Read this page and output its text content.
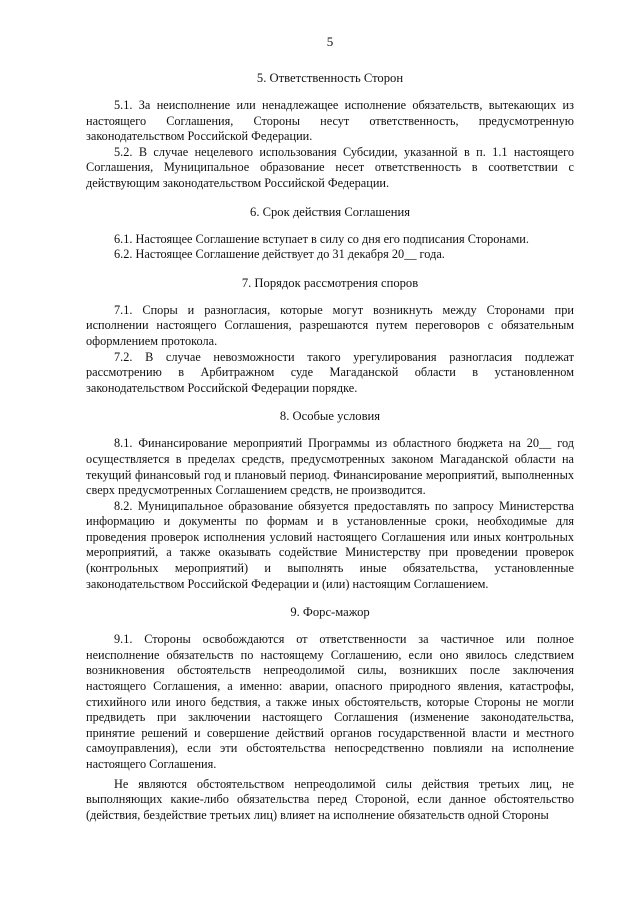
5
5. Ответственность Сторон

5.1. За неисполнение или ненадлежащее исполнение обязательств, вытекающих из настоящего Соглашения, Стороны несут ответственность, предусмотренную законодательством Российской Федерации.

5.2. В случае нецелевого использования Субсидии, указанной в п. 1.1 настоящего Соглашения, Муниципальное образование несет ответственность в соответствии с действующим законодательством Российской Федерации.

6. Срок действия Соглашения

6.1. Настоящее Соглашение вступает в силу со дня его подписания Сторонами.

6.2. Настоящее Соглашение действует до 31 декабря 20__ года.

7. Порядок рассмотрения споров

7.1. Споры и разногласия, которые могут возникнуть между Сторонами при исполнении настоящего Соглашения, разрешаются путем переговоров с обязательным оформлением протокола.

7.2. В случае невозможности такого урегулирования разногласия подлежат рассмотрению в Арбитражном суде Магаданской области в установленном законодательством Российской Федерации порядке.

8. Особые условия

8.1. Финансирование мероприятий Программы из областного бюджета на 20__ год осуществляется в пределах средств, предусмотренных законом Магаданской области на текущий финансовый год и плановый период. Финансирование мероприятий, выполненных сверх предусмотренных Соглашением средств, не производится.

8.2. Муниципальное образование обязуется предоставлять по запросу Министерства информацию и документы по формам и в установленные сроки, необходимые для проведения проверок исполнения условий настоящего Соглашения или иных контрольных мероприятий, а также оказывать содействие Министерству при проведении проверок (контрольных мероприятий) и выполнять иные обязательства, установленные законодательством Российской Федерации и (или) настоящим Соглашением.

9. Форс-мажор

9.1. Стороны освобождаются от ответственности за частичное или полное неисполнение обязательств по настоящему Соглашению, если оно явилось следствием возникновения обстоятельств непреодолимой силы, возникших после заключения настоящего Соглашения, а именно: аварии, опасного природного явления, катастрофы, стихийного или иного бедствия, а также иных обстоятельств, которые Стороны не могли предвидеть при заключении настоящего Соглашения (изменение законодательства, принятие решений и совершение действий органов государственной власти и местного самоуправления), если эти обстоятельства непосредственно повлияли на исполнение настоящего Соглашения.

Не являются обстоятельством непреодолимой силы действия третьих лиц, не выполняющих какие-либо обязательства перед Стороной, если данное обстоятельство (действия, бездействие третьих лиц) влияет на исполнение обязательств одной Стороны
